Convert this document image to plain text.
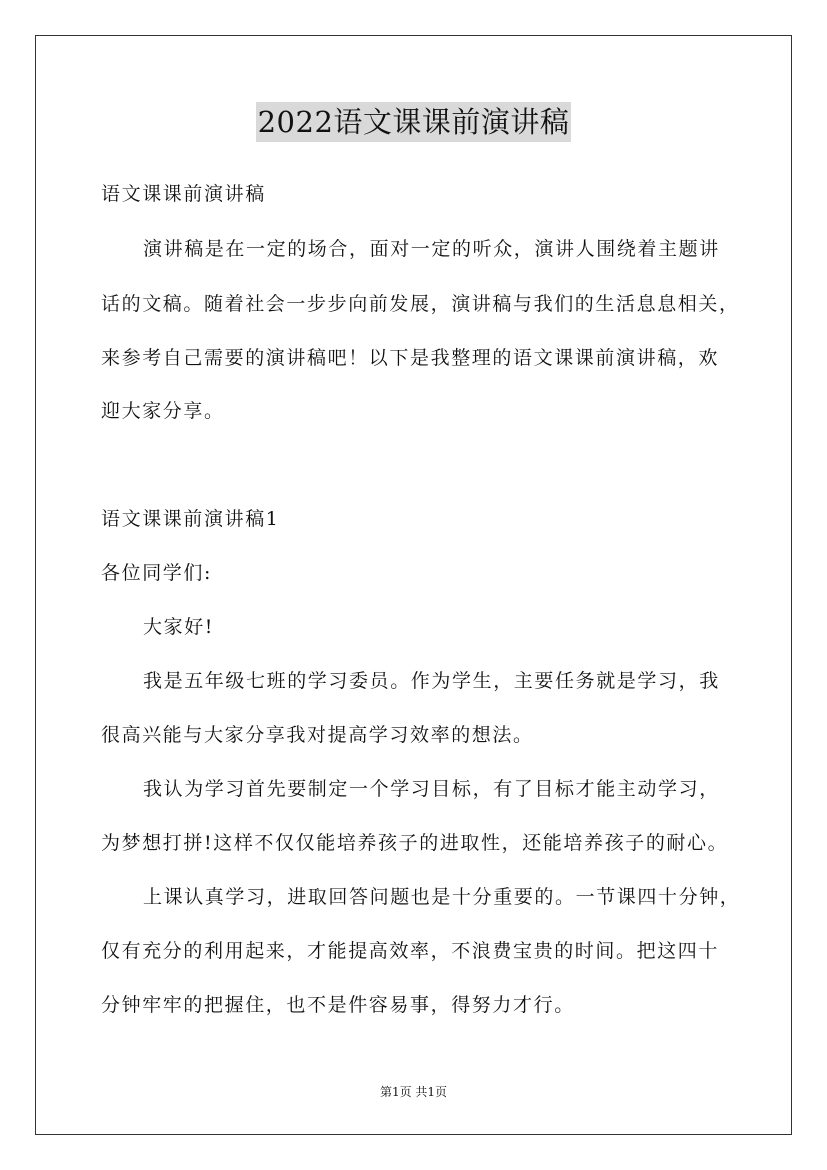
2022语文课课前演讲稿
语文课课前演讲稿
演讲稿是在一定的场合，面对一定的听众，演讲人围绕着主题讲
话的文稿。随着社会一步步向前发展，演讲稿与我们的生活息息相关，
来参考自己需要的演讲稿吧！以下是我整理的语文课课前演讲稿，欢
迎大家分享。
语文课课前演讲稿1
各位同学们:
大家好!
我是五年级七班的学习委员。作为学生，主要任务就是学习，我
很高兴能与大家分享我对提高学习效率的想法。
我认为学习首先要制定一个学习目标，有了目标才能主动学习，
为梦想打拼!这样不仅仅能培养孩子的进取性，还能培养孩子的耐心。
上课认真学习，进取回答问题也是十分重要的。一节课四十分钟，
仅有充分的利用起来，才能提高效率，不浪费宝贵的时间。把这四十
分钟牢牢的把握住，也不是件容易事，得努力才行。
第1页 共1页
